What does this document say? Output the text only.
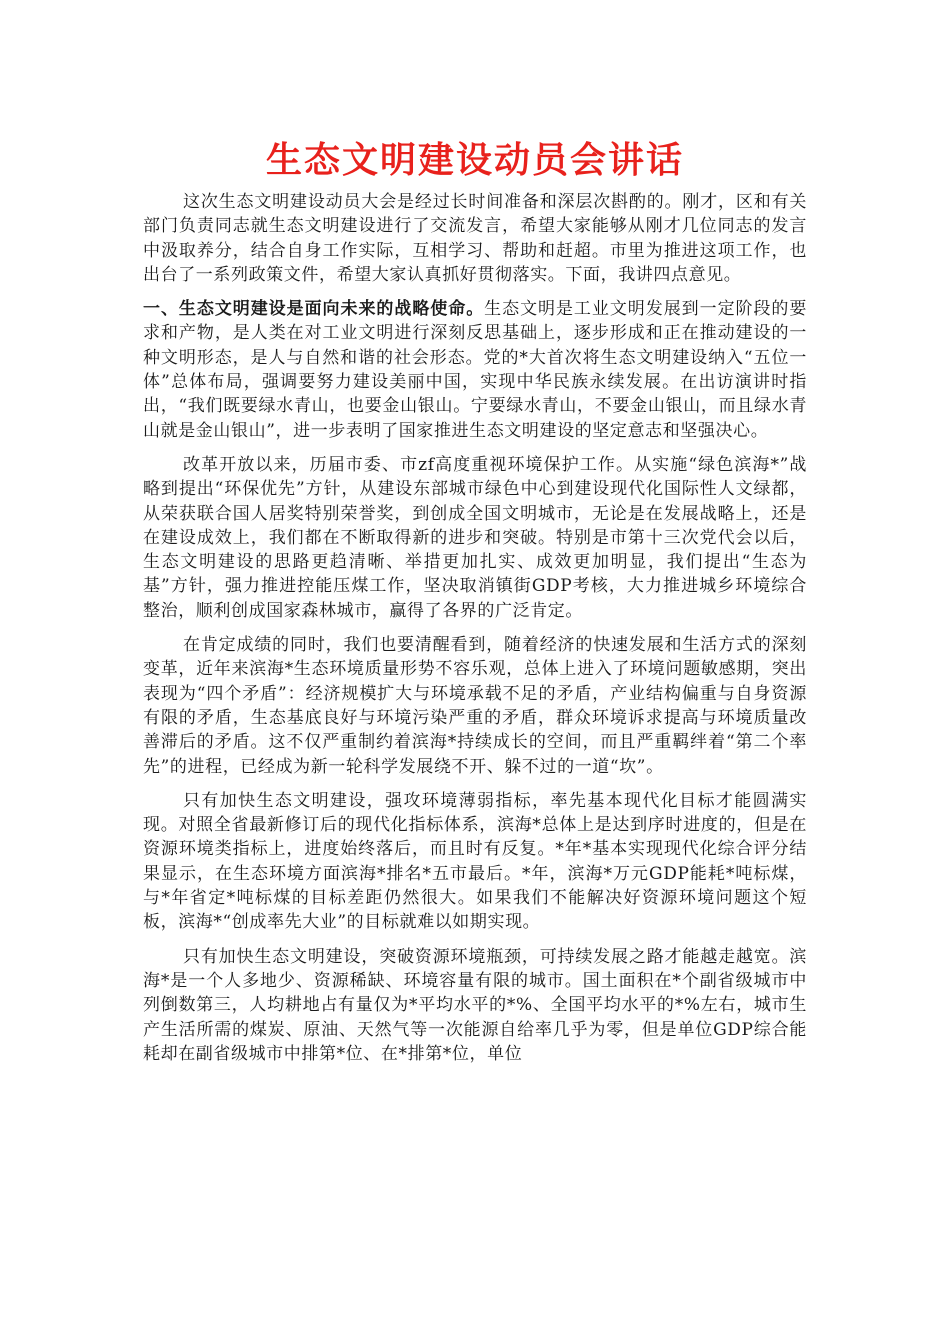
生态文明建设动员会讲话

这次生态文明建设动员大会是经过长时间准备和深层次斟酌的。刚才，区和有关部门负责同志就生态文明建设进行了交流发言，希望大家能够从刚才几位同志的发言中汲取养分，结合自身工作实际，互相学习、帮助和赶超。市里为推进这项工作，也出台了一系列政策文件，希望大家认真抓好贯彻落实。下面，我讲四点意见。

一、生态文明建设是面向未来的战略使命。生态文明是工业文明发展到一定阶段的要求和产物，是人类在对工业文明进行深刻反思基础上，逐步形成和正在推动建设的一种文明形态，是人与自然和谐的社会形态。党的*大首次将生态文明建设纳入“五位一体”总体布局，强调要努力建设美丽中国，实现中华民族永续发展。在出访演讲时指出，“我们既要绿水青山，也要金山银山。宁要绿水青山，不要金山银山，而且绿水青山就是金山银山”，进一步表明了国家推进生态文明建设的坚定意志和坚强决心。

改革开放以来，历届市委、市zf高度重视环境保护工作。从实施“绿色滨海*”战略到提出“环保优先”方针，从建设东部城市绿色中心到建设现代化国际性人文绿都，从荣获联合国人居奖特别荣誉奖，到创成全国文明城市，无论是在发展战略上，还是在建设成效上，我们都在不断取得新的进步和突破。特别是市第十三次党代会以后，生态文明建设的思路更趋清晰、举措更加扎实、成效更加明显，我们提出“生态为基”方针，强力推进控能压煤工作，坚决取消镇街GDP考核，大力推进城乡环境综合整治，顺利创成国家森林城市，赢得了各界的广泛肯定。

在肯定成绩的同时，我们也要清醒看到，随着经济的快速发展和生活方式的深刻变革，近年来滨海*生态环境质量形势不容乐观，总体上进入了环境问题敏感期，突出表现为“四个矛盾”：经济规模扩大与环境承载不足的矛盾，产业结构偏重与自身资源有限的矛盾，生态基底良好与环境污染严重的矛盾，群众环境诉求提高与环境质量改善滞后的矛盾。这不仅严重制约着滨海*持续成长的空间，而且严重羁绊着“第二个率先”的进程，已经成为新一轮科学发展绕不开、躲不过的一道“坎”。

只有加快生态文明建设，强攻环境薄弱指标，率先基本现代化目标才能圆满实现。对照全省最新修订后的现代化指标体系，滨海*总体上是达到序时进度的，但是在资源环境类指标上，进度始终落后，而且时有反复。*年*基本实现现代化综合评分结果显示，在生态环境方面滨海*排名*五市最后。*年，滨海*万元GDP能耗*吨标煤，与*年省定*吨标煤的目标差距仍然很大。如果我们不能解决好资源环境问题这个短板，滨海*“创成率先大业”的目标就难以如期实现。

只有加快生态文明建设，突破资源环境瓶颈，可持续发展之路才能越走越宽。滨海*是一个人多地少、资源稀缺、环境容量有限的城市。国土面积在*个副省级城市中列倒数第三，人均耕地占有量仅为*平均水平的*%、全国平均水平的*%左右，城市生产生活所需的煤炭、原油、天然气等一次能源自给率几乎为零，但是单位GDP综合能耗却在副省级城市中排第*位、在*排第*位，单位
